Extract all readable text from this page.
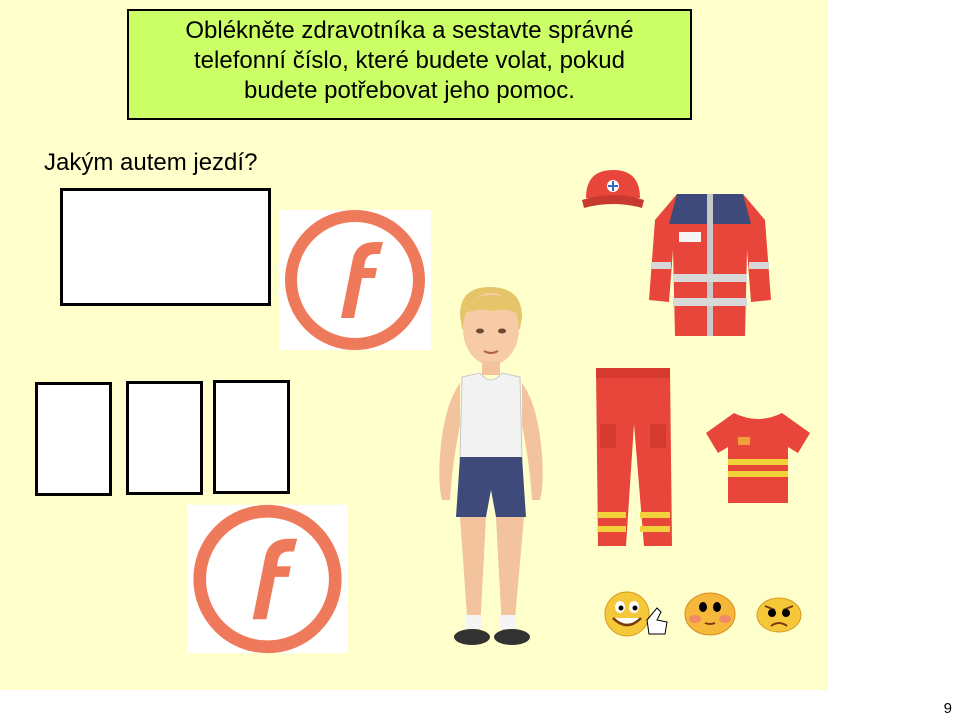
Oblékněte zdravotníka a sestavte správné
telefonní číslo, které budete volat, pokud
budete potřebovat jeho pomoc.
Jakým autem jezdí?
9
